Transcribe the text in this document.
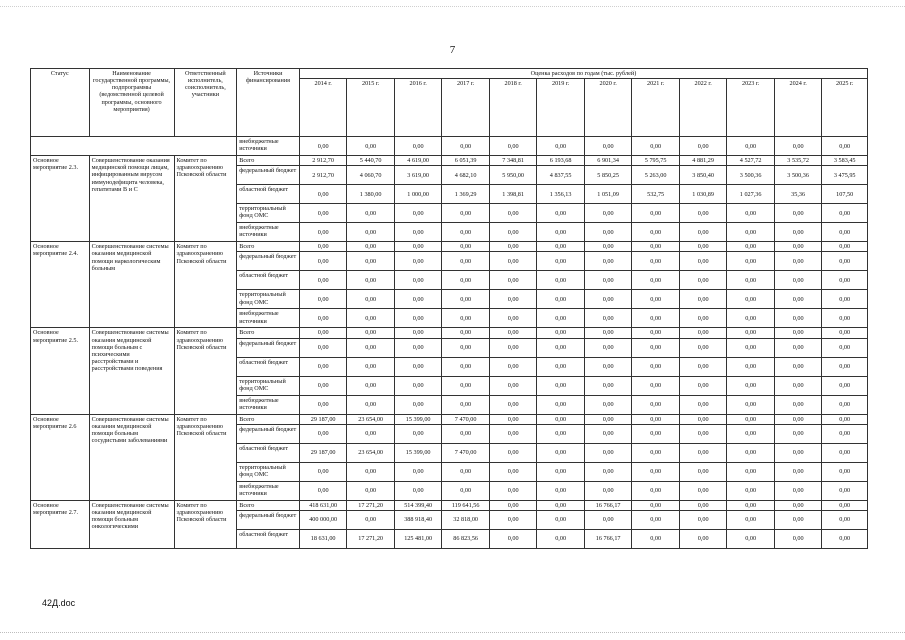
7
Статус	Наименование государственной программы, подпрограммы (ведомственной целевой программы, основного мероприятия)	Ответственный исполнитель, соисполнитель, участники	Источники финансирования	Оценка расходов по годам (тыс. рублей)											
				2014 г.	2015 г.	2016 г.	2017 г.	2018 г.	2019 г.	2020 г.	2021 г.	2022 г.	2023 г.	2024 г.	2025 г.
			внебюджетные источники	0,00	0,00	0,00	0,00	0,00	0,00	0,00	0,00	0,00	0,00	0,00	0,00
Основное мероприятие 2.3.	Совершенствование оказания медицинской помощи лицам, инфицированным вирусом иммунодефицита человека, гепатитами В и С	Комитет по здравоохранению Псковской области	Всего	2 912,70	5 440,70	4 619,00	6 051,39	7 348,81	6 193,68	6 901,34	5 795,75	4 881,29	4 527,72	3 535,72	3 583,45
			федеральный бюджет	2 912,70	4 060,70	3 619,00	4 682,10	5 950,00	4 837,55	5 850,25	5 263,00	3 850,40	3 500,36	3 500,36	3 475,95
			областной бюджет	0,00	1 380,00	1 000,00	1 369,29	1 398,81	1 356,13	1 051,09	532,75	1 030,89	1 027,36	35,36	107,50
			территориальный фонд ОМС	0,00	0,00	0,00	0,00	0,00	0,00	0,00	0,00	0,00	0,00	0,00	0,00
			внебюджетные источники	0,00	0,00	0,00	0,00	0,00	0,00	0,00	0,00	0,00	0,00	0,00	0,00
Основное мероприятие 2.4.	Совершенствование системы оказания медицинской помощи наркологическим больным	Комитет по здравоохранению Псковской области	Всего	0,00	0,00	0,00	0,00	0,00	0,00	0,00	0,00	0,00	0,00	0,00	0,00
			федеральный бюджет	0,00	0,00	0,00	0,00	0,00	0,00	0,00	0,00	0,00	0,00	0,00	0,00
			областной бюджет	0,00	0,00	0,00	0,00	0,00	0,00	0,00	0,00	0,00	0,00	0,00	0,00
			территориальный фонд ОМС	0,00	0,00	0,00	0,00	0,00	0,00	0,00	0,00	0,00	0,00	0,00	0,00
			внебюджетные источники	0,00	0,00	0,00	0,00	0,00	0,00	0,00	0,00	0,00	0,00	0,00	0,00
Основное мероприятие 2.5.	Совершенствование системы оказания медицинской помощи больным с психическими расстройствами и расстройствами поведения	Комитет по здравоохранению Псковской области	Всего	0,00	0,00	0,00	0,00	0,00	0,00	0,00	0,00	0,00	0,00	0,00	0,00
			федеральный бюджет	0,00	0,00	0,00	0,00	0,00	0,00	0,00	0,00	0,00	0,00	0,00	0,00
			областной бюджет	0,00	0,00	0,00	0,00	0,00	0,00	0,00	0,00	0,00	0,00	0,00	0,00
			территориальный фонд ОМС	0,00	0,00	0,00	0,00	0,00	0,00	0,00	0,00	0,00	0,00	0,00	0,00
			внебюджетные источники	0,00	0,00	0,00	0,00	0,00	0,00	0,00	0,00	0,00	0,00	0,00	0,00
Основное мероприятие 2.6	Совершенствование системы оказания медицинской помощи больным сосудистыми заболеваниями	Комитет по здравоохранению Псковской области	Всего	29 187,00	23 654,00	15 399,00	7 470,00	0,00	0,00	0,00	0,00	0,00	0,00	0,00	0,00
			федеральный бюджет	0,00	0,00	0,00	0,00	0,00	0,00	0,00	0,00	0,00	0,00	0,00	0,00
			областной бюджет	29 187,00	23 654,00	15 399,00	7 470,00	0,00	0,00	0,00	0,00	0,00	0,00	0,00	0,00
			территориальный фонд ОМС	0,00	0,00	0,00	0,00	0,00	0,00	0,00	0,00	0,00	0,00	0,00	0,00
			внебюджетные источники	0,00	0,00	0,00	0,00	0,00	0,00	0,00	0,00	0,00	0,00	0,00	0,00
Основное мероприятие 2.7.	Совершенствование системы оказания медицинской помощи больным онкологическими	Комитет по здравоохранению Псковской области	Всего	418 631,00	17 271,20	514 399,40	119 641,56	0,00	0,00	16 766,17	0,00	0,00	0,00	0,00	0,00
			федеральный бюджет	400 000,00	0,00	388 918,40	32 818,00	0,00	0,00	0,00	0,00	0,00	0,00	0,00	0,00
			областной бюджет	18 631,00	17 271,20	125 481,00	86 823,56	0,00	0,00	16 766,17	0,00	0,00	0,00	0,00	0,00
42Д.doc
